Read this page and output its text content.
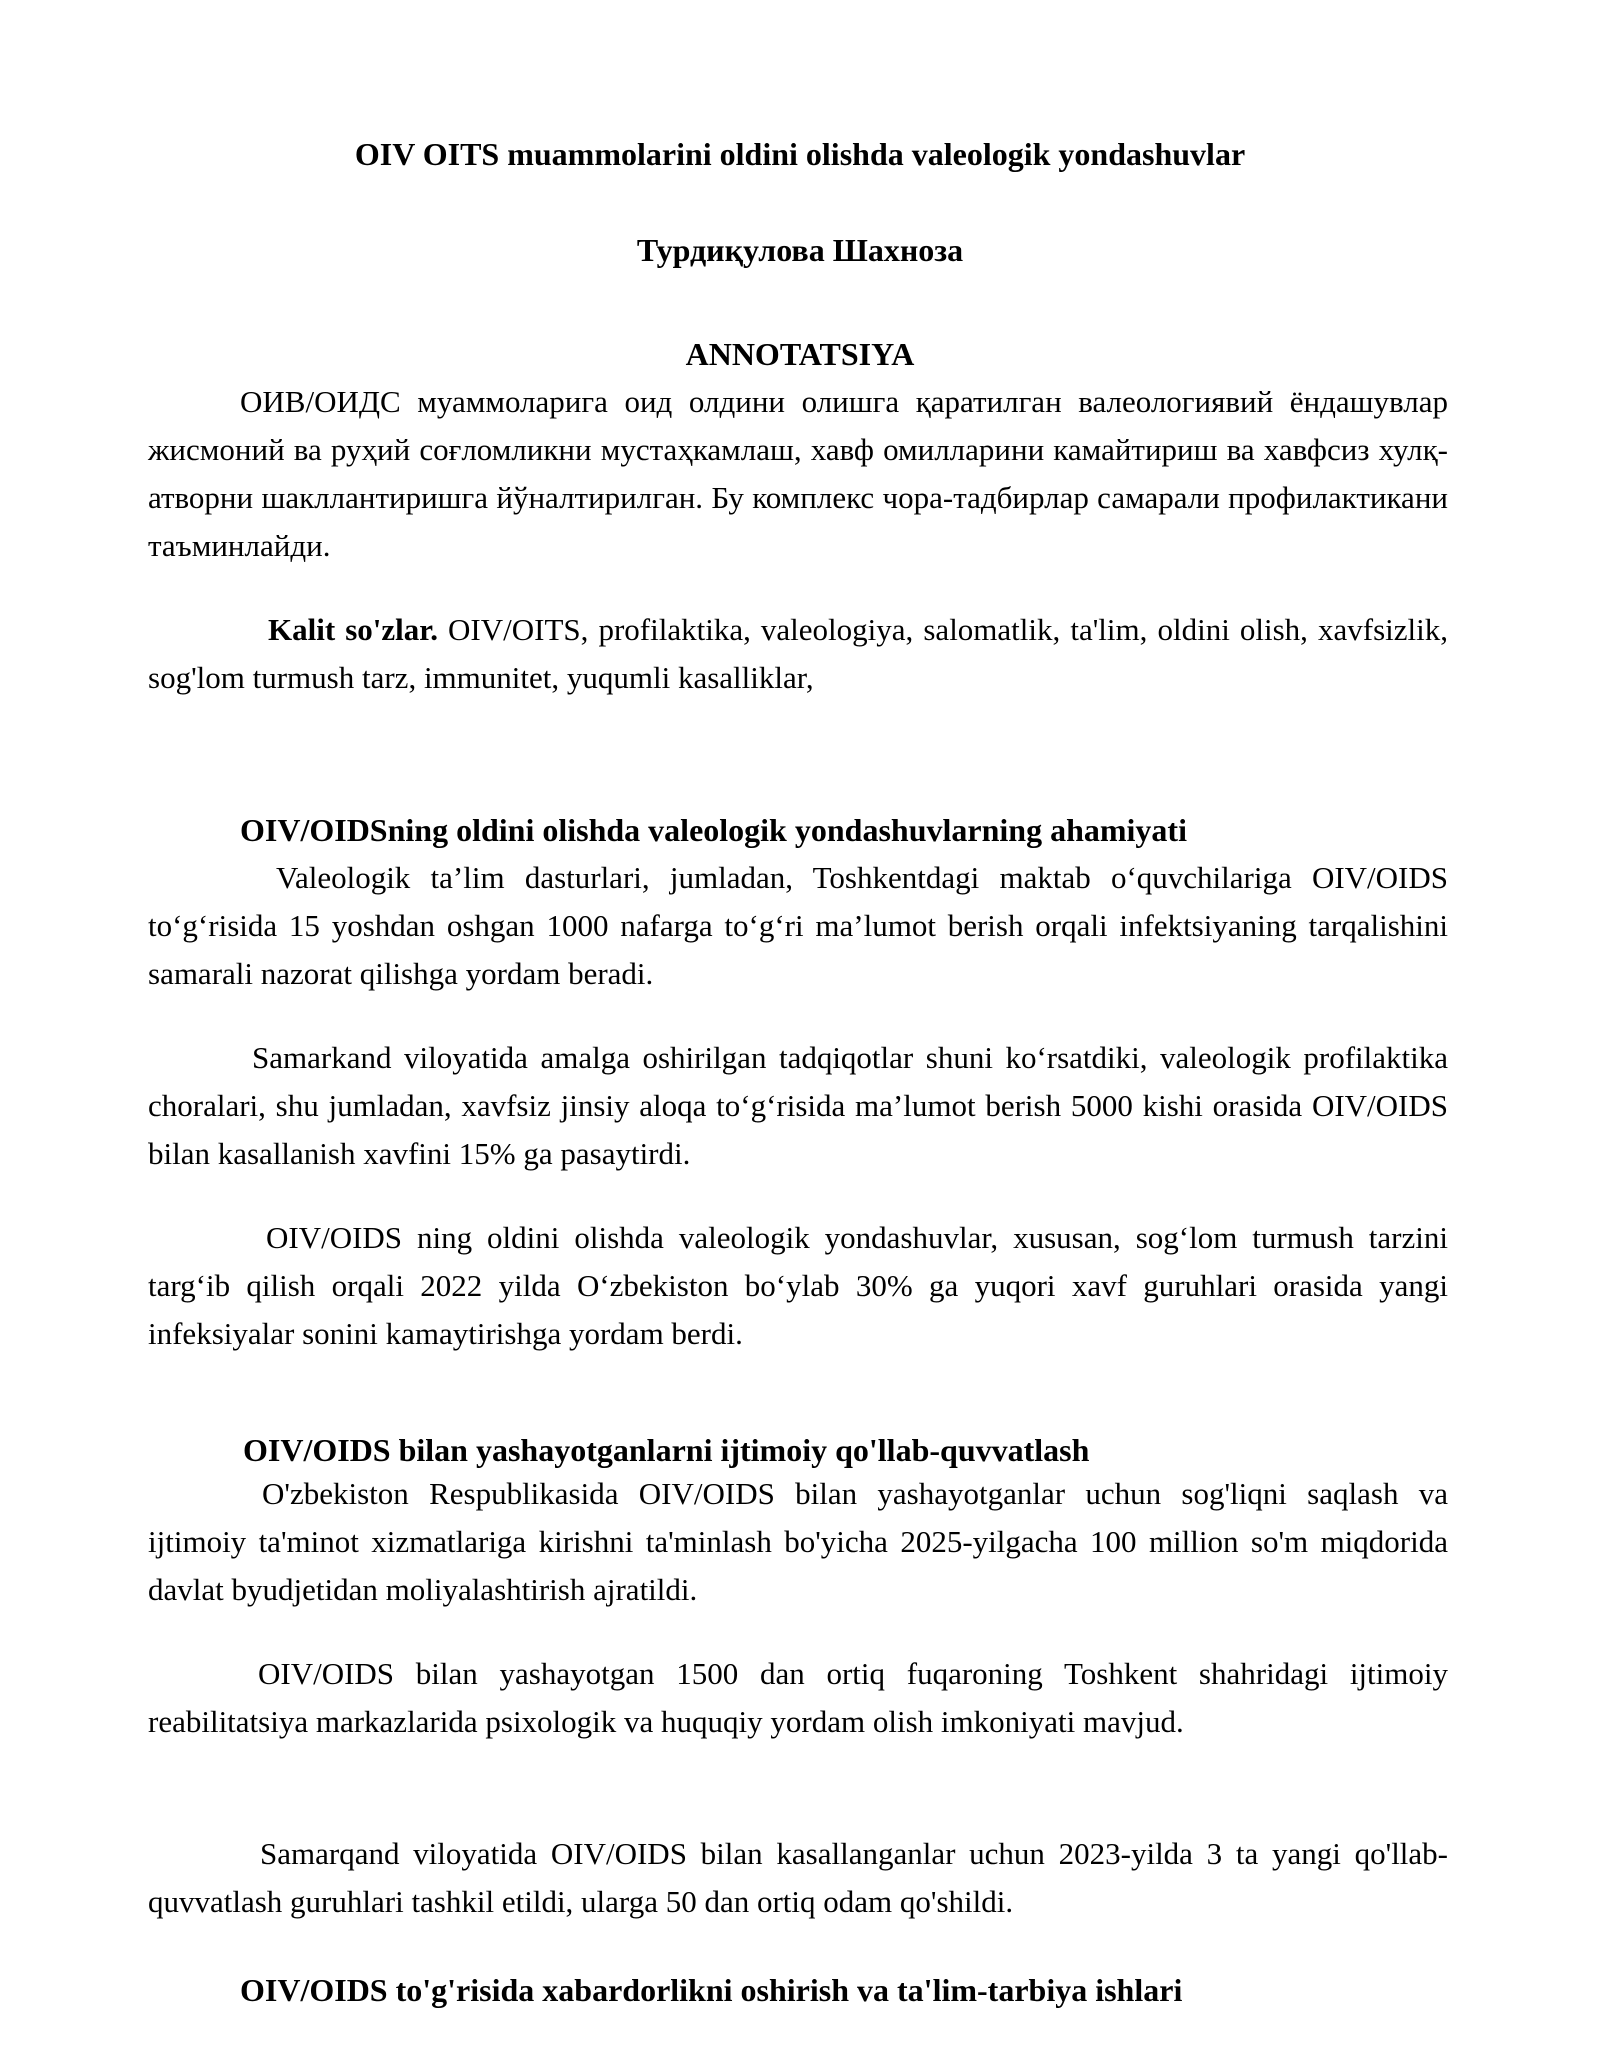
OIV OITS muammolarini oldini olishda valeologik yondashuvlar

Турдиқулова Шахноза

ANNOTATSIYA

ОИВ/ОИДС муаммоларига оид олдини олишга қаратилган валеологиявий ёндашувлар жисмоний ва руҳий соғломликни мустаҳкамлаш, хавф омилларини камайтириш ва хавфсиз хулқ-атворни шакллантиришга йўналтирилган. Бу комплекс чора-тадбирлар самарали профилактикани таъминлайди.

Kalit so'zlar. OIV/OITS, profilaktika, valeologiya, salomatlik, ta'lim, oldini olish, xavfsizlik, sog'lom turmush tarz, immunitet, yuqumli kasalliklar,

OIV/OIDSning oldini olishda valeologik yondashuvlarning ahamiyati

Valeologik ta’lim dasturlari, jumladan, Toshkentdagi maktab o‘quvchilariga OIV/OIDS to‘g‘risida 15 yoshdan oshgan 1000 nafarga to‘g‘ri ma’lumot berish orqali infektsiyaning tarqalishini samarali nazorat qilishga yordam beradi.

Samarkand viloyatida amalga oshirilgan tadqiqotlar shuni ko‘rsatdiki, valeologik profilaktika choralari, shu jumladan, xavfsiz jinsiy aloqa to‘g‘risida ma’lumot berish 5000 kishi orasida OIV/OIDS bilan kasallanish xavfini 15% ga pasaytirdi.

OIV/OIDS ning oldini olishda valeologik yondashuvlar, xususan, sog‘lom turmush tarzini targ‘ib qilish orqali 2022 yilda O‘zbekiston bo‘ylab 30% ga yuqori xavf guruhlari orasida yangi infeksiyalar sonini kamaytirishga yordam berdi.

OIV/OIDS bilan yashayotganlarni ijtimoiy qo'llab-quvvatlash

O'zbekiston Respublikasida OIV/OIDS bilan yashayotganlar uchun sog'liqni saqlash va ijtimoiy ta'minot xizmatlariga kirishni ta'minlash bo'yicha 2025-yilgacha 100 million so'm miqdorida davlat byudjetidan moliyalashtirish ajratildi.

OIV/OIDS bilan yashayotgan 1500 dan ortiq fuqaroning Toshkent shahridagi ijtimoiy reabilitatsiya markazlarida psixologik va huquqiy yordam olish imkoniyati mavjud.

Samarqand viloyatida OIV/OIDS bilan kasallanganlar uchun 2023-yilda 3 ta yangi qo'llab-quvvatlash guruhlari tashkil etildi, ularga 50 dan ortiq odam qo'shildi.

OIV/OIDS to'g'risida xabardorlikni oshirish va ta'lim-tarbiya ishlari
